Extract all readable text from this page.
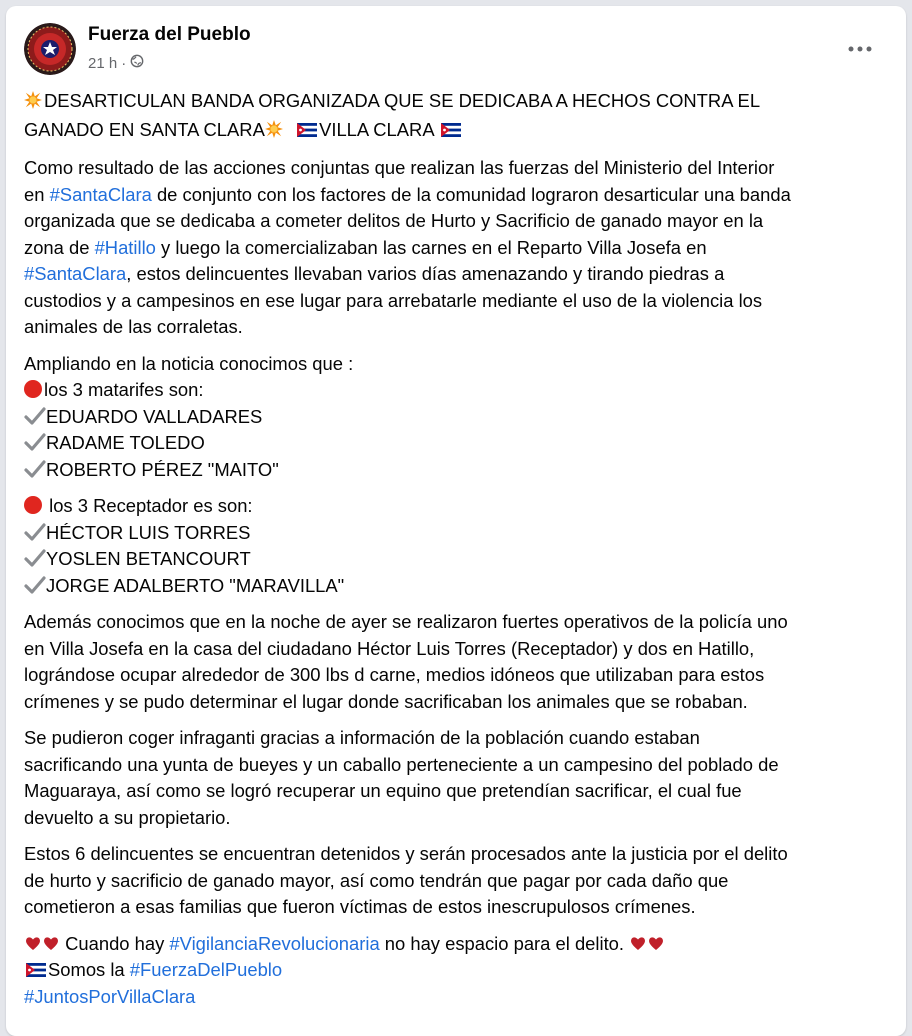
Fuerza del Pueblo
21 h ·

DESARTICULAN BANDA ORGANIZADA QUE SE DEDICABA A HECHOS CONTRA EL
GANADO EN SANTA CLARA	VILLA CLARA

Como resultado de las acciones conjuntas que realizan las fuerzas del Ministerio del Interior
en #SantaClara de conjunto con los factores de la comunidad lograron desarticular una banda
organizada que se dedicaba a cometer delitos de Hurto y Sacrificio de ganado mayor en la
zona de #Hatillo y luego la comercializaban las carnes en el Reparto Villa Josefa en
#SantaClara, estos delincuentes llevaban varios días amenazando y tirando piedras a
custodios y a campesinos en ese lugar para arrebatarle mediante el uso de la violencia los
animales de las corraletas.

Ampliando en la noticia conocimos que :
los 3 matarifes son:
EDUARDO VALLADARES
RADAME TOLEDO
ROBERTO PÉREZ "MAITO"

los 3 Receptador es son:
HÉCTOR LUIS TORRES
YOSLEN BETANCOURT
JORGE ADALBERTO "MARAVILLA"

Además conocimos que en la noche de ayer se realizaron fuertes operativos de la policía uno
en Villa Josefa en la casa del ciudadano Héctor Luis Torres (Receptador) y dos en Hatillo,
lográndose ocupar alrededor de 300 lbs d carne, medios idóneos que utilizaban para estos
crímenes y se pudo determinar el lugar donde sacrificaban los animales que se robaban.

Se pudieron coger infraganti gracias a información de la población cuando estaban
sacrificando una yunta de bueyes y un caballo perteneciente a un campesino del poblado de
Maguaraya, así como se logró recuperar un equino que pretendían sacrificar, el cual fue
devuelto a su propietario.

Estos 6 delincuentes se encuentran detenidos y serán procesados ante la justicia por el delito
de hurto y sacrificio de ganado mayor, así como tendrán que pagar por cada daño que
cometieron a esas familias que fueron víctimas de estos inescrupulosos crímenes.

Cuando hay #VigilanciaRevolucionaria no hay espacio para el delito.
Somos la #FuerzaDelPueblo
#JuntosPorVillaClara
